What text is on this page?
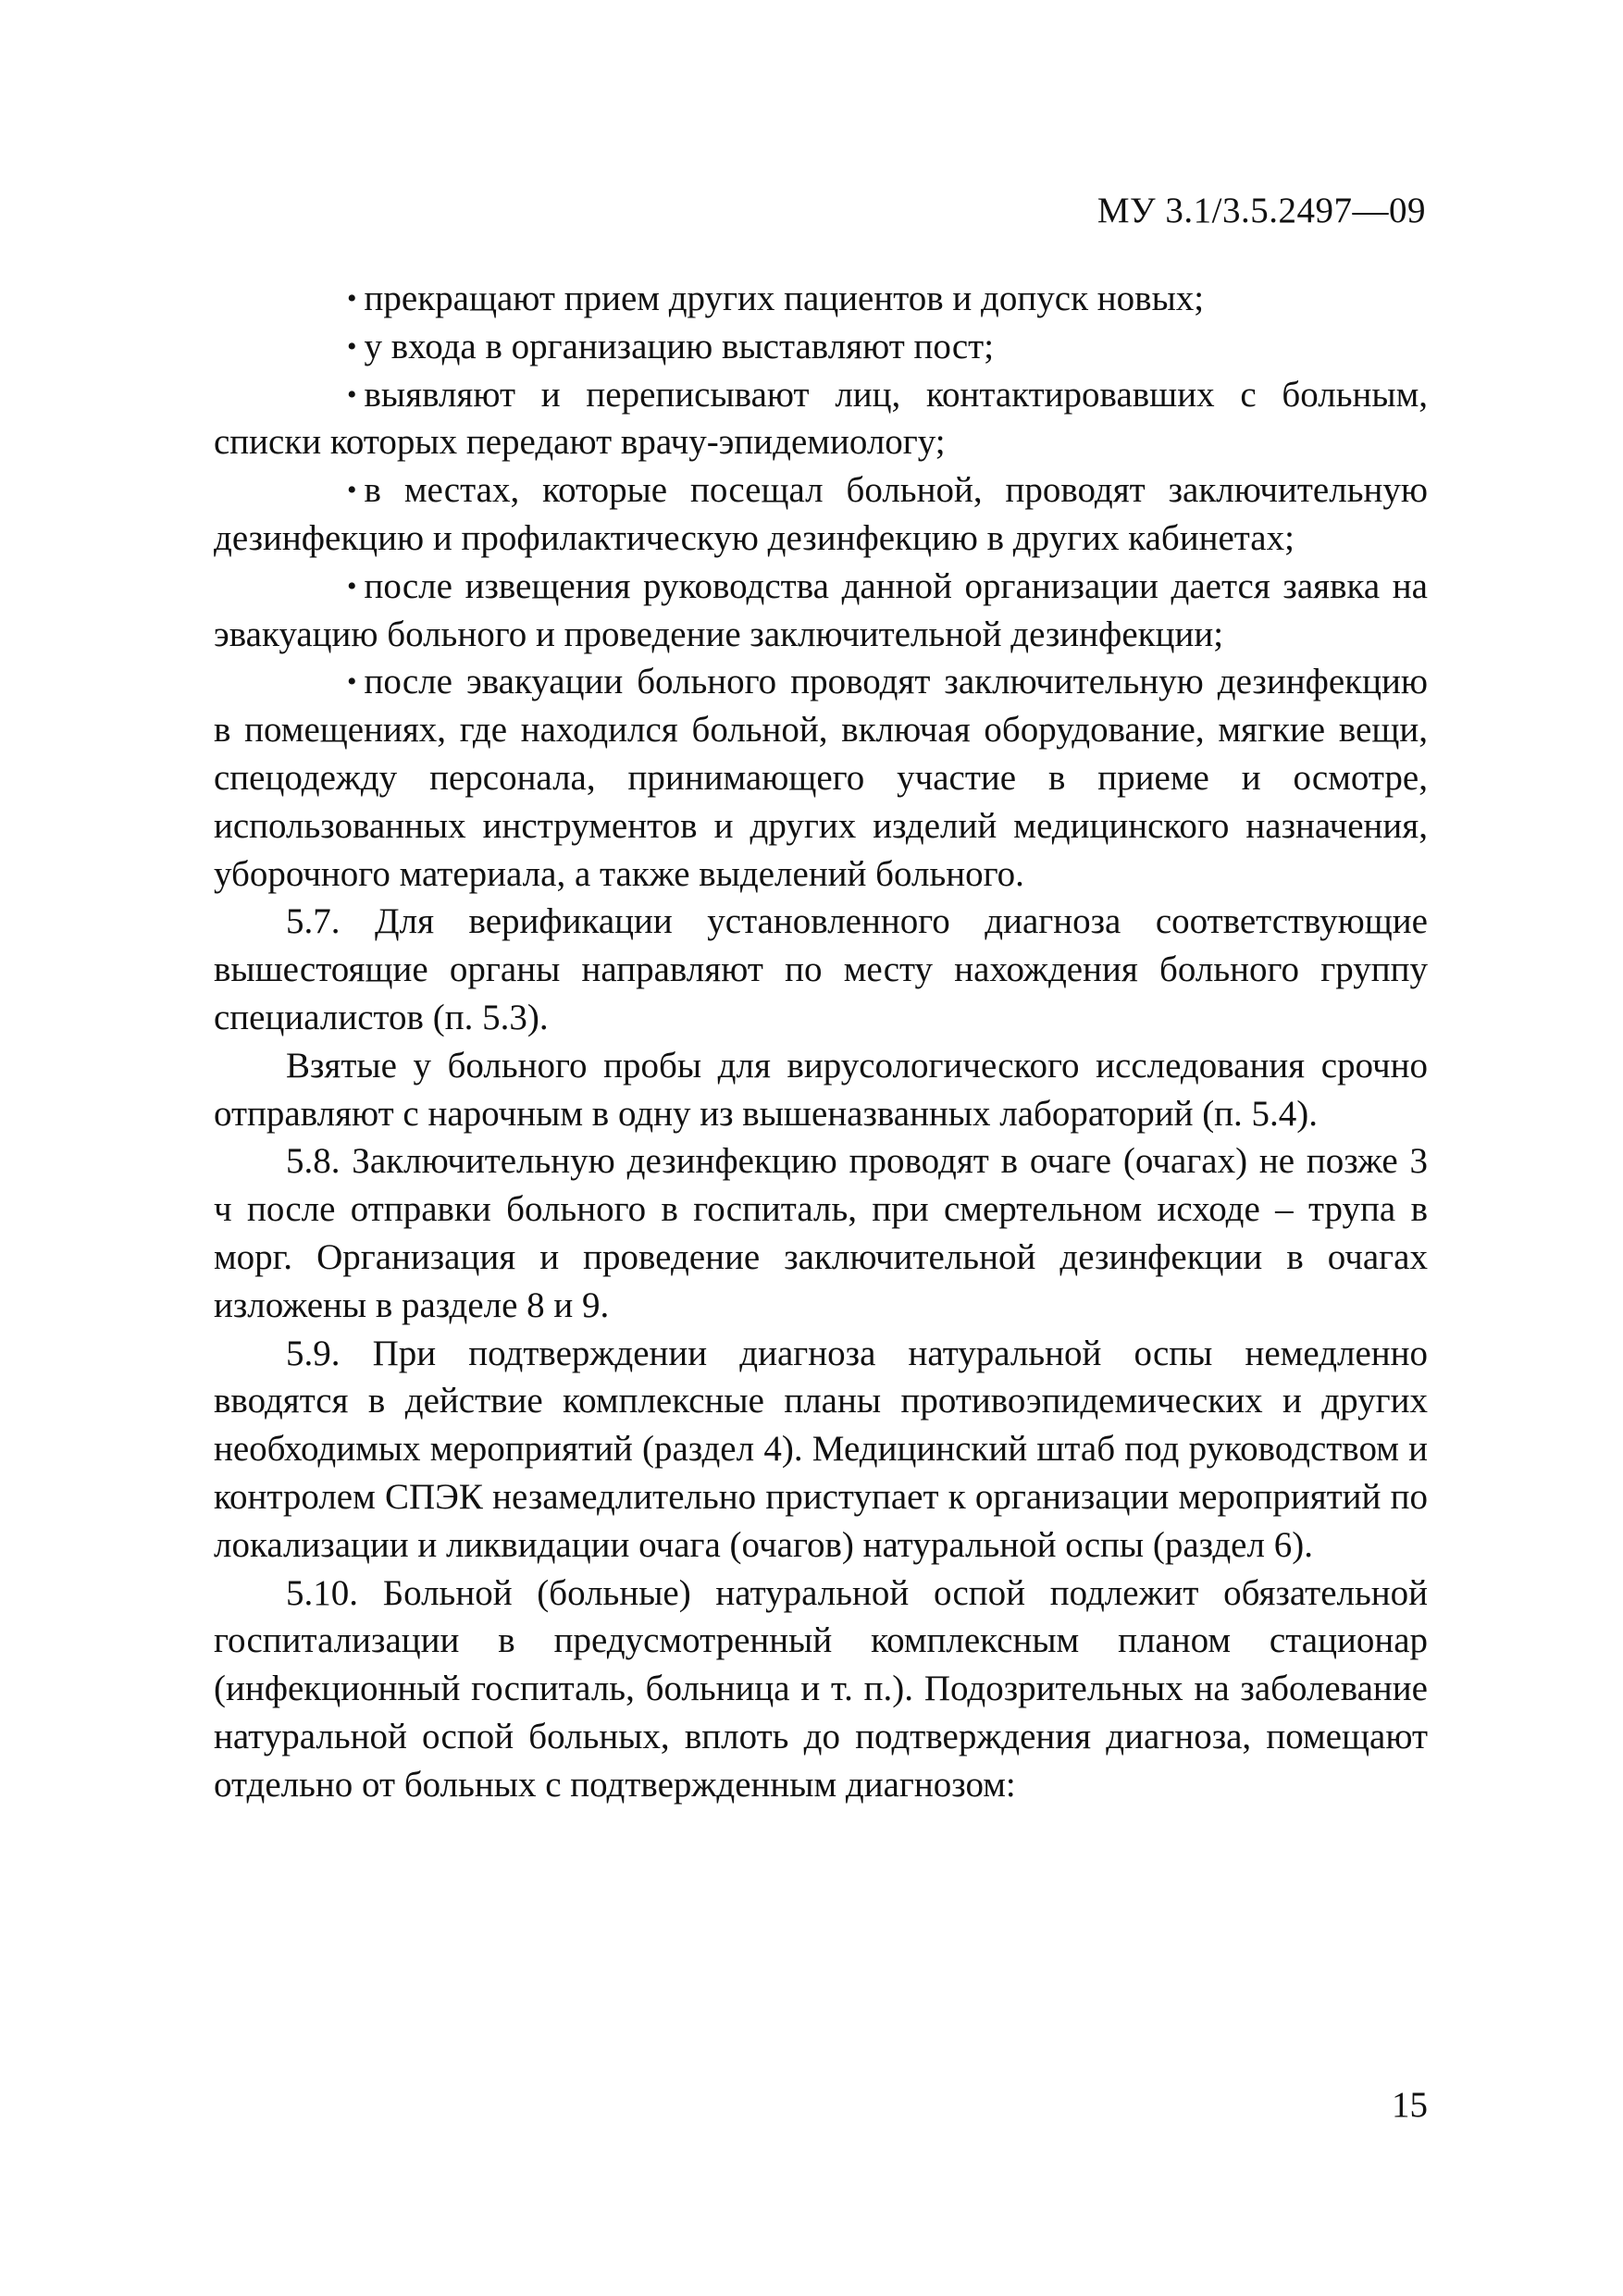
МУ 3.1/3.5.2497—09

• прекращают прием других пациентов и допуск новых;

• у входа в организацию выставляют пост;

• выявляют и переписывают лиц, контактировавших с больным, списки которых передают врачу-эпидемиологу;

• в местах, которые посещал больной, проводят заключительную дезинфекцию и профилактическую дезинфекцию в других кабинетах;

• после извещения руководства данной организации дается заявка на эвакуацию больного и проведение заключительной дезинфекции;

• после эвакуации больного проводят заключительную дезинфекцию в помещениях, где находился больной, включая оборудование, мягкие вещи, спецодежду персонала, принимающего участие в приеме и осмотре, использованных инструментов и других изделий медицинского назначения, уборочного материала, а также выделений больного.

5.7. Для верификации установленного диагноза соответствующие вышестоящие органы направляют по месту нахождения больного группу специалистов (п. 5.3).

Взятые у больного пробы для вирусологического исследования срочно отправляют с нарочным в одну из вышеназванных лабораторий (п. 5.4).

5.8. Заключительную дезинфекцию проводят в очаге (очагах) не позже 3 ч после отправки больного в госпиталь, при смертельном исходе – трупа в морг. Организация и проведение заключительной дезинфекции в очагах изложены в разделе 8 и 9.

5.9. При подтверждении диагноза натуральной оспы немедленно вводятся в действие комплексные планы противоэпидемических и других необходимых мероприятий (раздел 4). Медицинский штаб под руководством и контролем СПЭК незамедлительно приступает к организации мероприятий по локализации и ликвидации очага (очагов) натуральной оспы (раздел 6).

5.10. Больной (больные) натуральной оспой подлежит обязательной госпитализации в предусмотренный комплексным планом стационар (инфекционный госпиталь, больница и т. п.). Подозрительных на заболевание натуральной оспой больных, вплоть до подтверждения диагноза, помещают отдельно от больных с подтвержденным диагнозом:

15
